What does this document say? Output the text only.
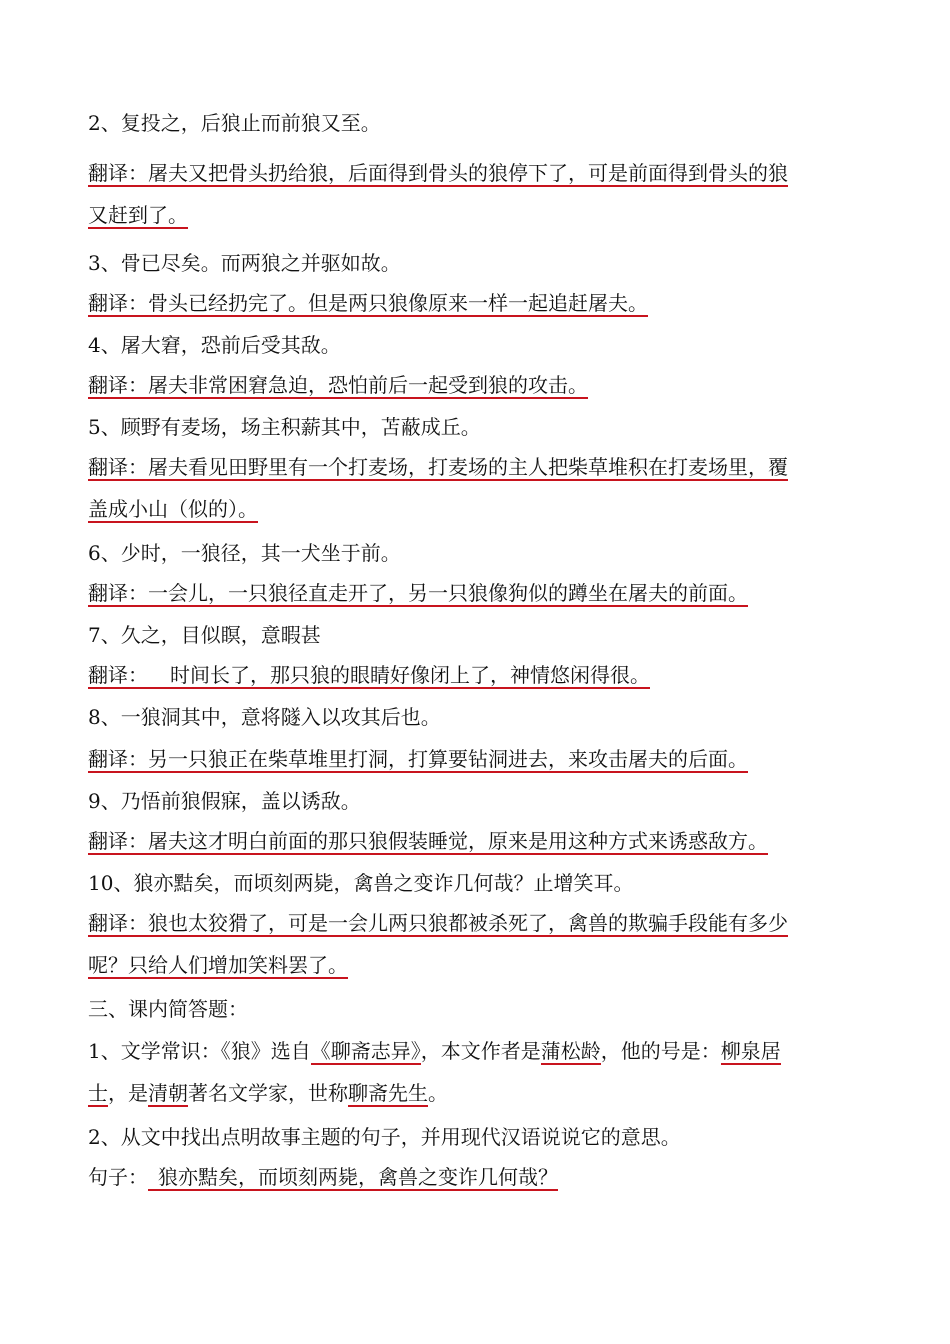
2、复投之，后狼止而前狼又至。
翻译：屠夫又把骨头扔给狼，后面得到骨头的狼停下了，可是前面得到骨头的狼
又赶到了。
3、骨已尽矣。而两狼之并驱如故。
翻译：骨头已经扔完了。但是两只狼像原来一样一起追赶屠夫。
4、屠大窘，恐前后受其敌。
翻译：屠夫非常困窘急迫，恐怕前后一起受到狼的攻击。
5、顾野有麦场，场主积薪其中，苫蔽成丘。
翻译：屠夫看见田野里有一个打麦场，打麦场的主人把柴草堆积在打麦场里，覆
盖成小山（似的）。
6、少时，一狼径，其一犬坐于前。
翻译：一会儿，一只狼径直走开了，另一只狼像狗似的蹲坐在屠夫的前面。
7、久之，目似瞑，意暇甚
翻译： 时间长了，那只狼的眼睛好像闭上了，神情悠闲得很。
8、一狼洞其中，意将隧入以攻其后也。
翻译：另一只狼正在柴草堆里打洞，打算要钻洞进去，来攻击屠夫的后面。
9、乃悟前狼假寐，盖以诱敌。
翻译：屠夫这才明白前面的那只狼假装睡觉，原来是用这种方式来诱惑敌方。
10、狼亦黠矣，而顷刻两毙，禽兽之变诈几何哉？止增笑耳。
翻译：狼也太狡猾了，可是一会儿两只狼都被杀死了，禽兽的欺骗手段能有多少
呢？只给人们增加笑料罢了。
三、课内简答题：
1、文学常识：《狼》选自《聊斋志异》，本文作者是蒲松龄，他的号是：柳泉居
士，是清朝著名文学家，世称聊斋先生。
2、从文中找出点明故事主题的句子，并用现代汉语说说它的意思。
句子： 狼亦黠矣，而顷刻两毙，禽兽之变诈几何哉？
